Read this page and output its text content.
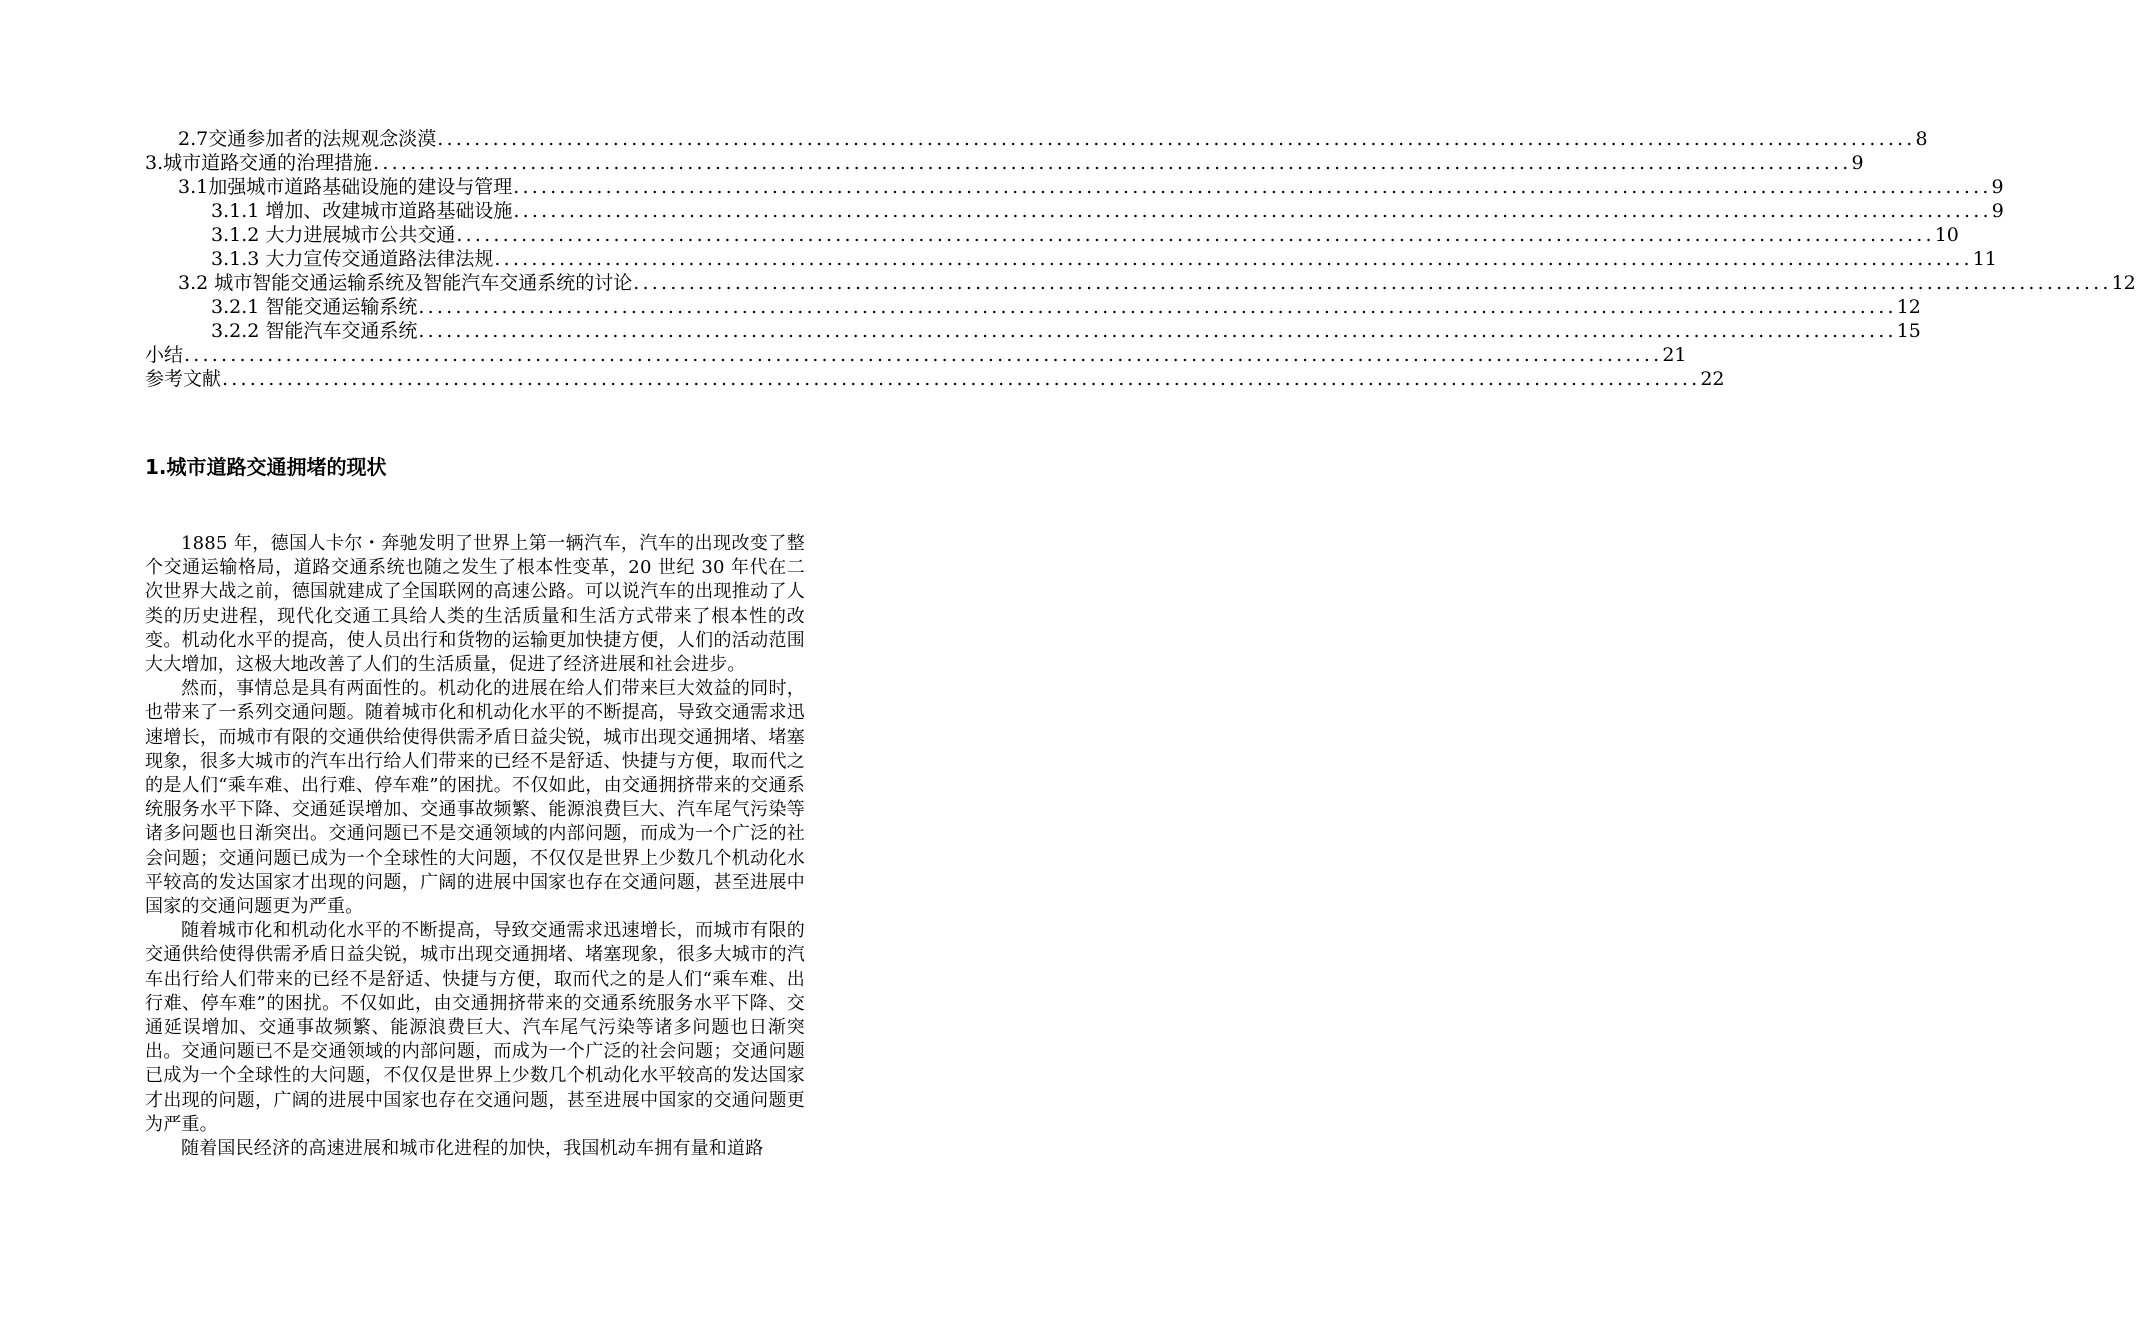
2.7交通参加者的法规观念淡漠 ................................................................................................................................................................ 8
3.城市道路交通的治理措施 ................................................................................................................................................................ 9
3.1加强城市道路基础设施的建设与管理 ................................................................................................................................................................ 9
3.1.1 增加、改建城市道路基础设施 ................................................................................................................................................................ 9
3.1.2 大力进展城市公共交通 ................................................................................................................................................................ 10
3.1.3 大力宣传交通道路法律法规 ................................................................................................................................................................ 11
3.2 城市智能交通运输系统及智能汽车交通系统的讨论 ................................................................................................................................................................ 12
3.2.1 智能交通运输系统 ................................................................................................................................................................ 12
3.2.2 智能汽车交通系统 ................................................................................................................................................................ 15
小结 ................................................................................................................................................................ 21
参考文献 ................................................................................................................................................................ 22
1.城市道路交通拥堵的现状

1885 年，德国人卡尔・奔驰发明了世界上第一辆汽车，汽车的出现改变了整个交通运输格局，道路交通系统也随之发生了根本性变革，20 世纪 30 年代在二次世界大战之前，德国就建成了全国联网的高速公路。可以说汽车的出现推动了人类的历史进程，现代化交通工具给人类的生活质量和生活方式带来了根本性的改变。机动化水平的提高，使人员出行和货物的运输更加快捷方便，人们的活动范围大大增加，这极大地改善了人们的生活质量，促进了经济进展和社会进步。

然而，事情总是具有两面性的。机动化的进展在给人们带来巨大效益的同时，也带来了一系列交通问题。随着城市化和机动化水平的不断提高，导致交通需求迅速增长，而城市有限的交通供给使得供需矛盾日益尖锐，城市出现交通拥堵、堵塞现象，很多大城市的汽车出行给人们带来的已经不是舒适、快捷与方便，取而代之的是人们“乘车难、出行难、停车难”的困扰。不仅如此，由交通拥挤带来的交通系统服务水平下降、交通延误增加、交通事故频繁、能源浪费巨大、汽车尾气污染等诸多问题也日渐突出。交通问题已不是交通领域的内部问题，而成为一个广泛的社会问题；交通问题已成为一个全球性的大问题，不仅仅是世界上少数几个机动化水平较高的发达国家才出现的问题，广阔的进展中国家也存在交通问题，甚至进展中国家的交通问题更为严重。

随着城市化和机动化水平的不断提高，导致交通需求迅速增长，而城市有限的交通供给使得供需矛盾日益尖锐，城市出现交通拥堵、堵塞现象，很多大城市的汽车出行给人们带来的已经不是舒适、快捷与方便，取而代之的是人们“乘车难、出行难、停车难”的困扰。不仅如此，由交通拥挤带来的交通系统服务水平下降、交通延误增加、交通事故频繁、能源浪费巨大、汽车尾气污染等诸多问题也日渐突出。交通问题已不是交通领域的内部问题，而成为一个广泛的社会问题；交通问题已成为一个全球性的大问题，不仅仅是世界上少数几个机动化水平较高的发达国家才出现的问题，广阔的进展中国家也存在交通问题，甚至进展中国家的交通问题更为严重。

随着国民经济的高速进展和城市化进程的加快，我国机动车拥有量和道路
